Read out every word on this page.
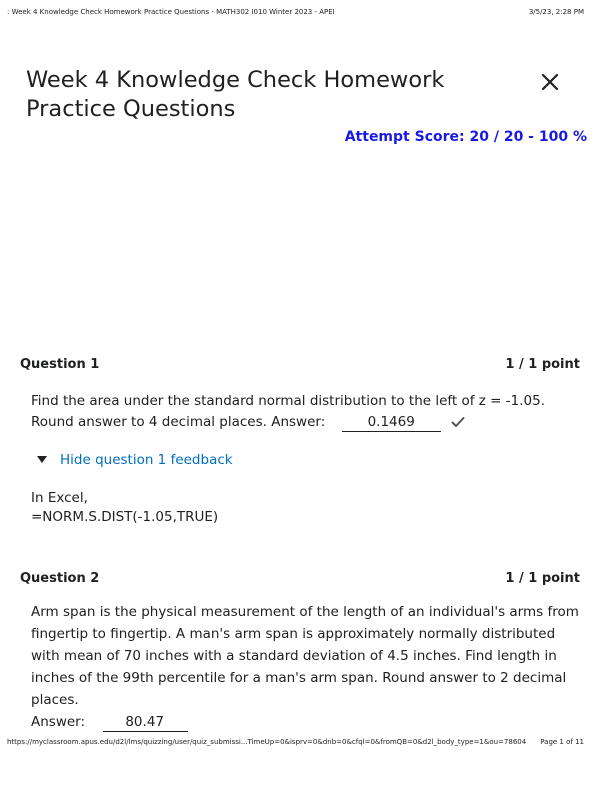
: Week 4 Knowledge Check Homework Practice Questions - MATH302 I010 Winter 2023 - APEI	3/5/23, 2:28 PM
Week 4 Knowledge Check Homework Practice Questions
Attempt Score: 20 / 20 - 100 %
Question 1	1 / 1 point
Find the area under the standard normal distribution to the left of z = -1.05.
Round answer to 4 decimal places. Answer:	0.1469
Hide question 1 feedback
In Excel,
=NORM.S.DIST(-1.05,TRUE)
Question 2	1 / 1 point
Arm span is the physical measurement of the length of an individual's arms from fingertip to fingertip. A man's arm span is approximately normally distributed with mean of 70 inches with a standard deviation of 4.5 inches. Find length in inches of the 99th percentile for a man's arm span. Round answer to 2 decimal places.
Answer:	80.47
https://myclassroom.apus.edu/d2l/lms/quizzing/user/quiz_submissi...TimeUp=0&isprv=0&dnb=0&cfql=0&fromQB=0&d2l_body_type=1&ou=78604 Page 1 of 11
